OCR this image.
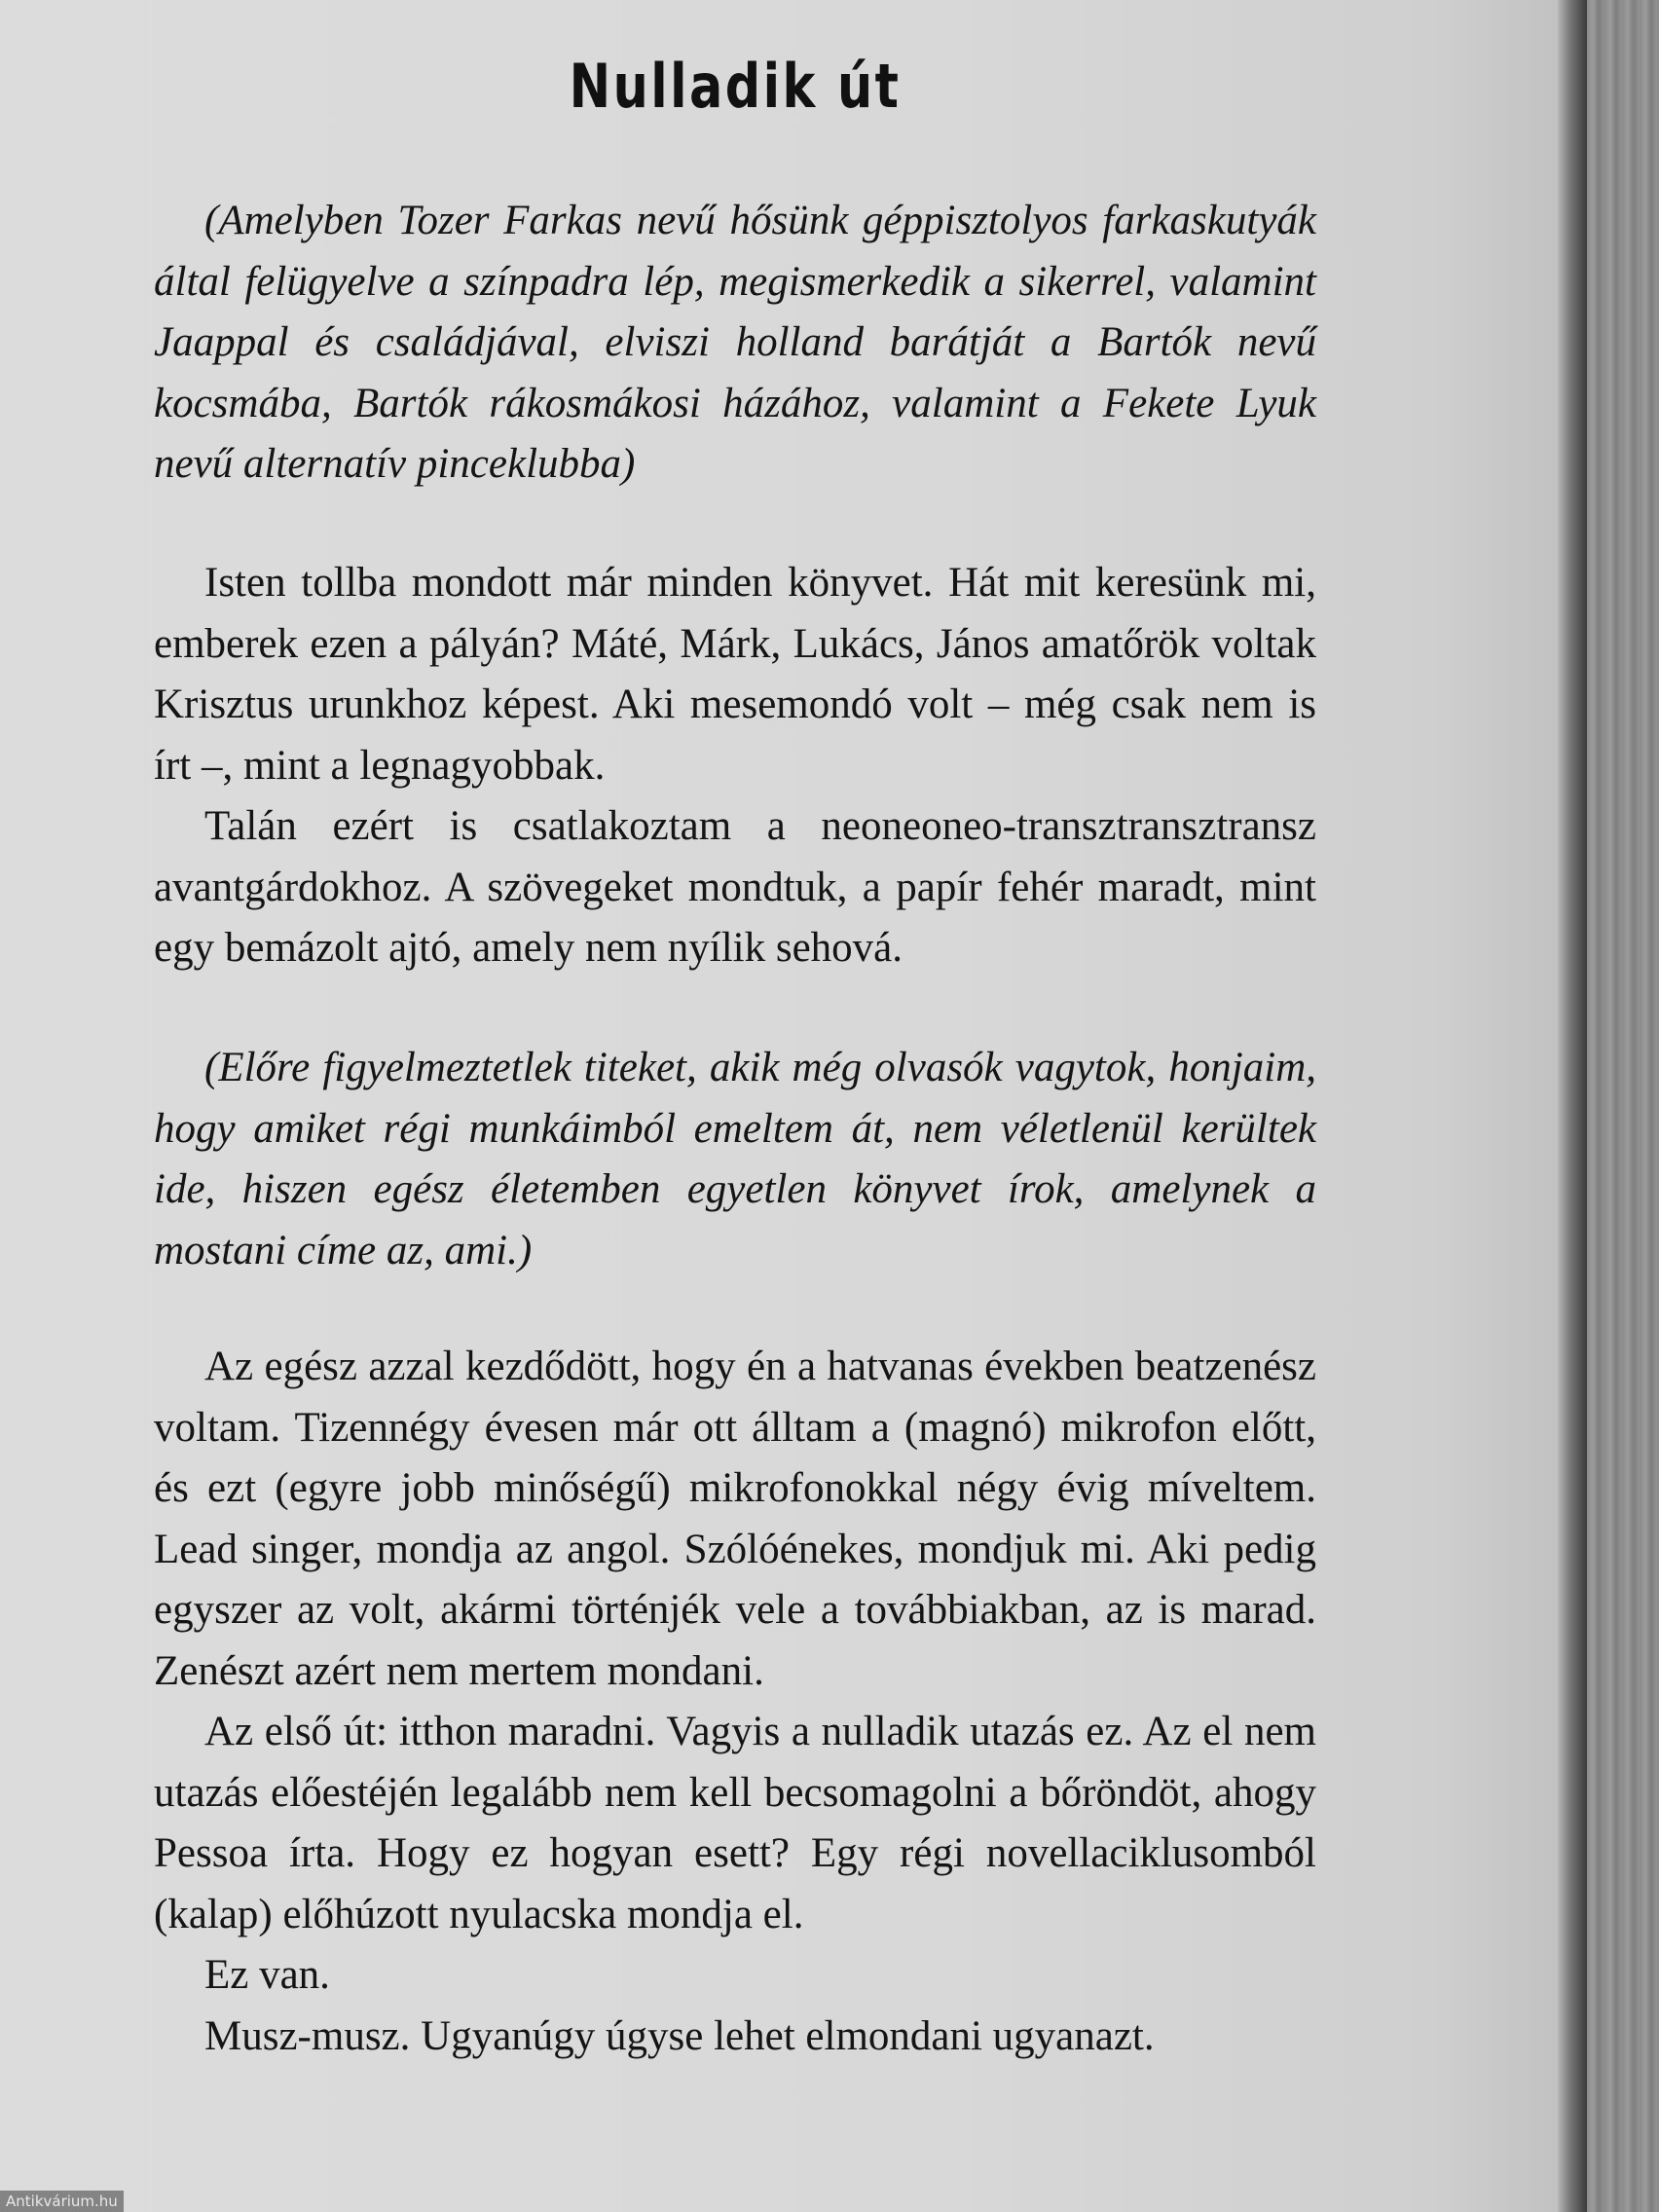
Nulladik út

(Amelyben Tozer Farkas nevű hősünk géppisztolyos farkaskutyák által felügyelve a színpadra lép, megismerkedik a sikerrel, valamint Jaappal és családjával, elviszi holland barátját a Bartók nevű kocsmába, Bartók rákosmákosi házához, valamint a Fekete Lyuk nevű alternatív pinceklubba)

Isten tollba mondott már minden könyvet. Hát mit keresünk mi, emberek ezen a pályán? Máté, Márk, Lukács, János amatőrök voltak Krisztus urunkhoz képest. Aki mesemondó volt – még csak nem is írt –, mint a legnagyobbak.

Talán ezért is csatlakoztam a neoneoneo-transztransztransz avantgárdokhoz. A szövegeket mondtuk, a papír fehér maradt, mint egy bemázolt ajtó, amely nem nyílik sehová.

(Előre figyelmeztetlek titeket, akik még olvasók vagytok, honjaim, hogy amiket régi munkáimból emeltem át, nem véletlenül kerültek ide, hiszen egész életemben egyetlen könyvet írok, amelynek a mostani címe az, ami.)

Az egész azzal kezdődött, hogy én a hatvanas években beatzenész voltam. Tizennégy évesen már ott álltam a (magnó) mikrofon előtt, és ezt (egyre jobb minőségű) mikrofonokkal négy évig míveltem. Lead singer, mondja az angol. Szólóénekes, mondjuk mi. Aki pedig egyszer az volt, akármi történjék vele a továbbiakban, az is marad. Zenészt azért nem mertem mondani.

Az első út: itthon maradni. Vagyis a nulladik utazás ez. Az el nem utazás előestéjén legalább nem kell becsomagolni a bőröndöt, ahogy Pessoa írta. Hogy ez hogyan esett? Egy régi novellaciklusomból (kalap) előhúzott nyulacska mondja el.

Ez van.

Musz-musz. Ugyanúgy úgyse lehet elmondani ugyanazt.

Antikvárium.hu
